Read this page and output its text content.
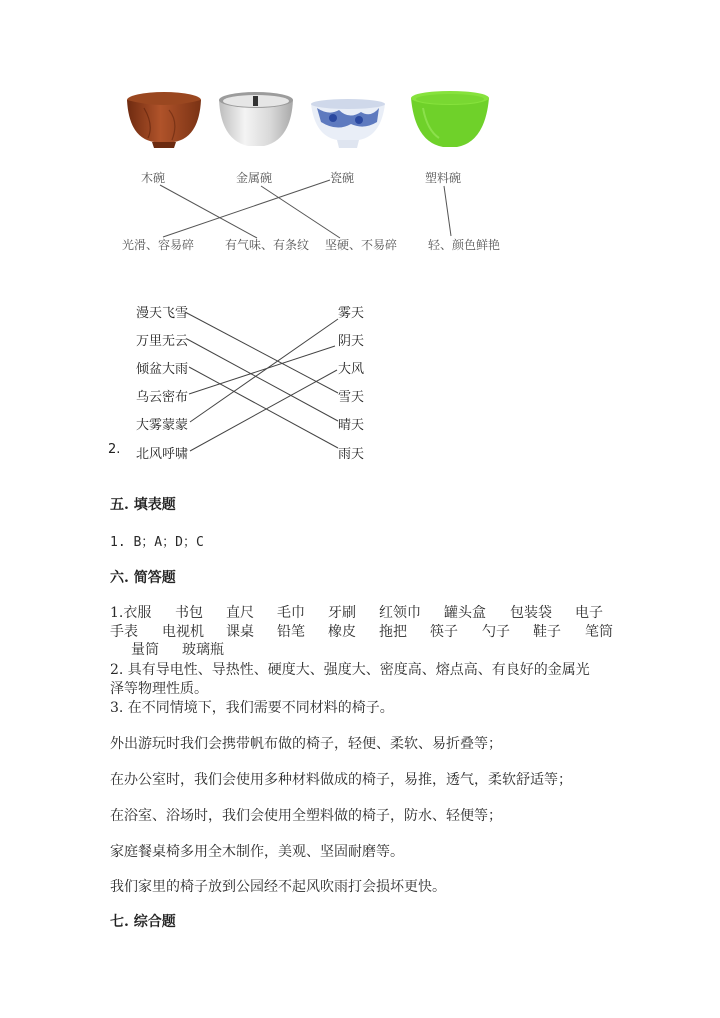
木碗	金属碗	瓷碗	塑料碗
光滑、容易碎	有气味、有条纹 坚硬、不易碎	轻、颜色鲜艳
2.
漫天飞雪
万里无云
倾盆大雨
乌云密布
大雾蒙蒙
北风呼啸
雾天
阴天
大风
雪天
晴天
雨天
五. 填表题
1. B；A；D；C
六. 简答题
1.衣服 书包 直尺 毛巾 牙刷 红领巾 罐头盒 包装袋 电子
手表 电视机 课桌 铅笔 橡皮 拖把 筷子 勺子 鞋子 笔筒
量筒 玻璃瓶
2. 具有导电性、导热性、硬度大、强度大、密度高、熔点高、有良好的金属光
泽等物理性质。
3. 在不同情境下，我们需要不同材料的椅子。
外出游玩时我们会携带帆布做的椅子，轻便、柔软、易折叠等；
在办公室时，我们会使用多种材料做成的椅子，易推，透气，柔软舒适等；
在浴室、浴场时，我们会使用全塑料做的椅子，防水、轻便等；
家庭餐桌椅多用全木制作，美观、坚固耐磨等。
我们家里的椅子放到公园经不起风吹雨打会损坏更快。
七. 综合题
